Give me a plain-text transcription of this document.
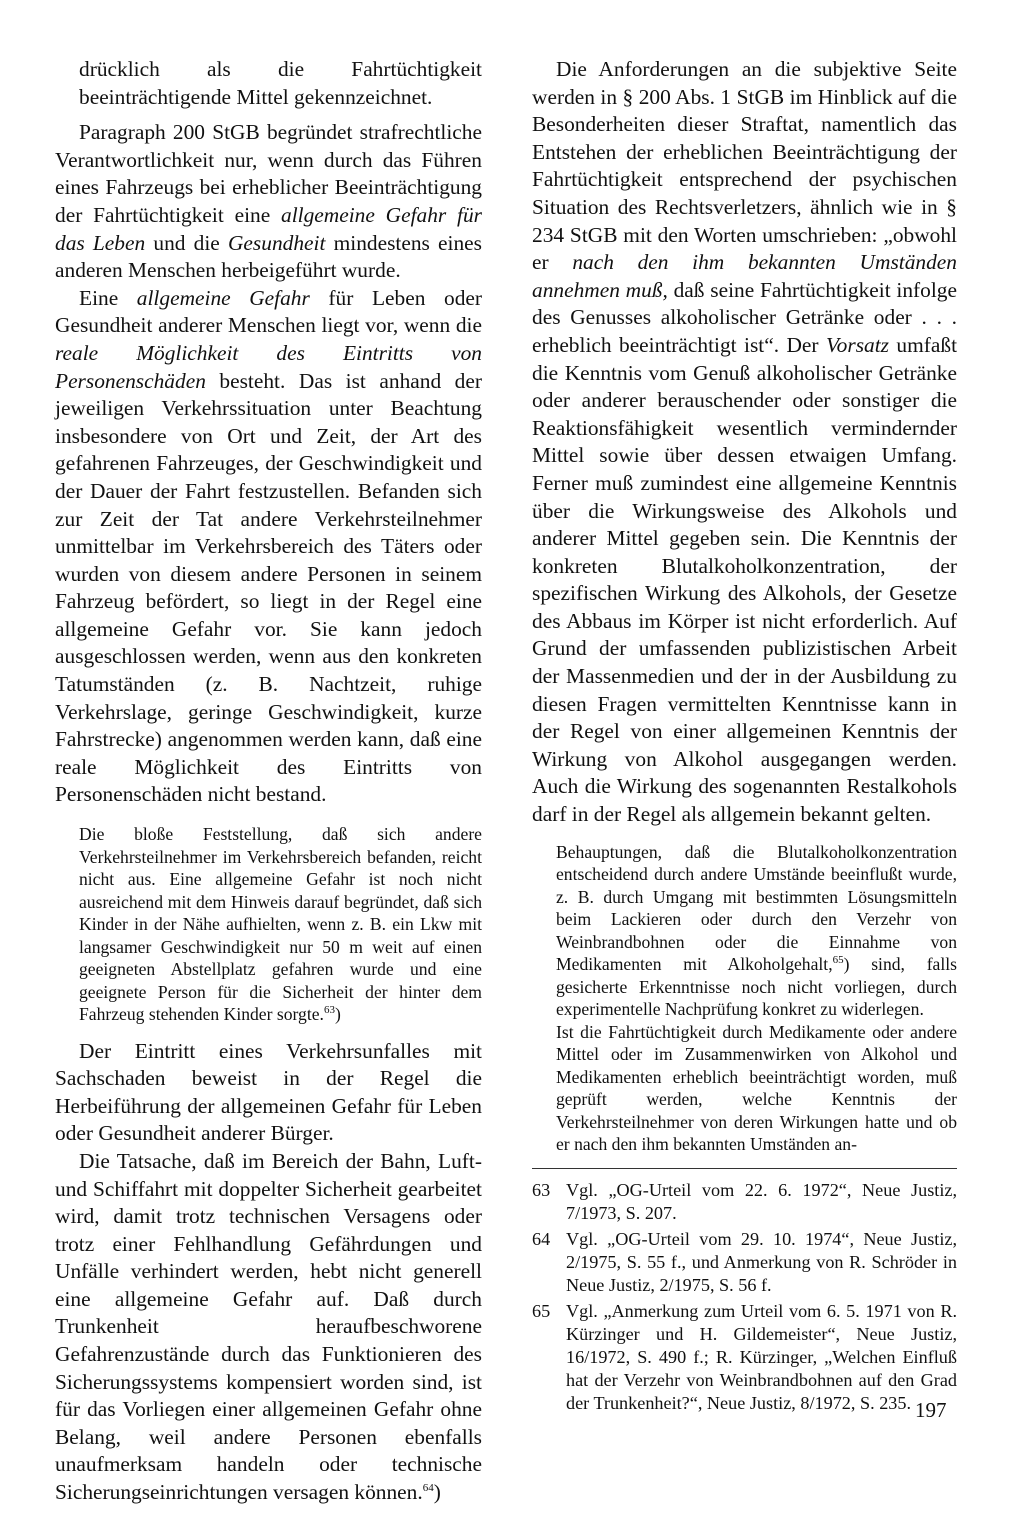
drücklich als die Fahrtüchtigkeit beeinträchtigende Mittel gekennzeichnet.

Paragraph 200 StGB begründet strafrechtliche Verantwortlichkeit nur, wenn durch das Führen eines Fahrzeugs bei erheblicher Beeinträchtigung der Fahrtüchtigkeit eine allgemeine Gefahr für das Leben und die Gesundheit mindestens eines anderen Menschen herbeigeführt wurde.

Eine allgemeine Gefahr für Leben oder Gesundheit anderer Menschen liegt vor, wenn die reale Möglichkeit des Eintritts von Personenschäden besteht. Das ist anhand der jeweiligen Verkehrssituation unter Beachtung insbesondere von Ort und Zeit, der Art des gefahrenen Fahrzeuges, der Geschwindigkeit und der Dauer der Fahrt festzustellen. Befanden sich zur Zeit der Tat andere Verkehrsteilnehmer unmittelbar im Verkehrsbereich des Täters oder wurden von diesem andere Personen in seinem Fahrzeug befördert, so liegt in der Regel eine allgemeine Gefahr vor. Sie kann jedoch ausgeschlossen werden, wenn aus den konkreten Tatumständen (z. B. Nachtzeit, ruhige Verkehrslage, geringe Geschwindigkeit, kurze Fahrstrecke) angenommen werden kann, daß eine reale Möglichkeit des Eintritts von Personenschäden nicht bestand.

Die bloße Feststellung, daß sich andere Verkehrsteilnehmer im Verkehrsbereich befanden, reicht nicht aus. Eine allgemeine Gefahr ist noch nicht ausreichend mit dem Hinweis darauf begründet, daß sich Kinder in der Nähe aufhielten, wenn z. B. ein Lkw mit langsamer Geschwindigkeit nur 50 m weit auf einen geeigneten Abstellplatz gefahren wurde und eine geeignete Person für die Sicherheit der hinter dem Fahrzeug stehenden Kinder sorgte.$^{63}$)

Der Eintritt eines Verkehrsunfalles mit Sachschaden beweist in der Regel die Herbeiführung der allgemeinen Gefahr für Leben oder Gesundheit anderer Bürger.

Die Tatsache, daß im Bereich der Bahn, Luft- und Schiffahrt mit doppelter Sicherheit gearbeitet wird, damit trotz technischen Versagens oder trotz einer Fehlhandlung Gefährdungen und Unfälle verhindert werden, hebt nicht generell eine allgemeine Gefahr auf. Daß durch Trunkenheit heraufbeschworene Gefahrenzustände durch das Funktionieren des Sicherungssystems kompensiert worden sind, ist für das Vorliegen einer allgemeinen Gefahr ohne Belang, weil andere Personen ebenfalls unaufmerksam handeln oder technische Sicherungseinrichtungen versagen können.$^{64}$)

Die Anforderungen an die subjektive Seite werden in § 200 Abs. 1 StGB im Hinblick auf die Besonderheiten dieser Straftat, namentlich das Entstehen der erheblichen Beeinträchtigung der Fahrtüchtigkeit entsprechend der psychischen Situation des Rechtsverletzers, ähnlich wie in § 234 StGB mit den Worten umschrieben: „obwohl er nach den ihm bekannten Umständen annehmen muß, daß seine Fahrtüchtigkeit infolge des Genusses alkoholischer Getränke oder . . . erheblich beeinträchtigt ist“. Der Vorsatz umfaßt die Kenntnis vom Genuß alkoholischer Getränke oder anderer berauschender oder sonstiger die Reaktionsfähigkeit wesentlich vermindernder Mittel sowie über dessen etwaigen Umfang. Ferner muß zumindest eine allgemeine Kenntnis über die Wirkungsweise des Alkohols und anderer Mittel gegeben sein. Die Kenntnis der konkreten Blutalkoholkonzentration, der spezifischen Wirkung des Alkohols, der Gesetze des Abbaus im Körper ist nicht erforderlich. Auf Grund der umfassenden publizistischen Arbeit der Massenmedien und der in der Ausbildung zu diesen Fragen vermittelten Kenntnisse kann in der Regel von einer allgemeinen Kenntnis der Wirkung von Alkohol ausgegangen werden. Auch die Wirkung des sogenannten Restalkohols darf in der Regel als allgemein bekannt gelten.

Behauptungen, daß die Blutalkoholkonzentration entscheidend durch andere Umstände beeinflußt wurde, z. B. durch Umgang mit bestimmten Lösungsmitteln beim Lackieren oder durch den Verzehr von Weinbrandbohnen oder die Einnahme von Medikamenten mit Alkoholgehalt,$^{65}$) sind, falls gesicherte Erkenntnisse noch nicht vorliegen, durch experimentelle Nachprüfung konkret zu widerlegen.

Ist die Fahrtüchtigkeit durch Medikamente oder andere Mittel oder im Zusammenwirken von Alkohol und Medikamenten erheblich beeinträchtigt worden, muß geprüft werden, welche Kenntnis der Verkehrsteilnehmer von deren Wirkungen hatte und ob er nach den ihm bekannten Umständen an-

63 Vgl. „OG-Urteil vom 22. 6. 1972“, Neue Justiz, 7/1973, S. 207.
64 Vgl. „OG-Urteil vom 29. 10. 1974“, Neue Justiz, 2/1975, S. 55 f., und Anmerkung von R. Schröder in Neue Justiz, 2/1975, S. 56 f.
65 Vgl. „Anmerkung zum Urteil vom 6. 5. 1971 von R. Kürzinger und H. Gildemeister“, Neue Justiz, 16/1972, S. 490 f.; R. Kürzinger, „Welchen Einfluß hat der Verzehr von Weinbrandbohnen auf den Grad der Trunkenheit?“, Neue Justiz, 8/1972, S. 235. 197
